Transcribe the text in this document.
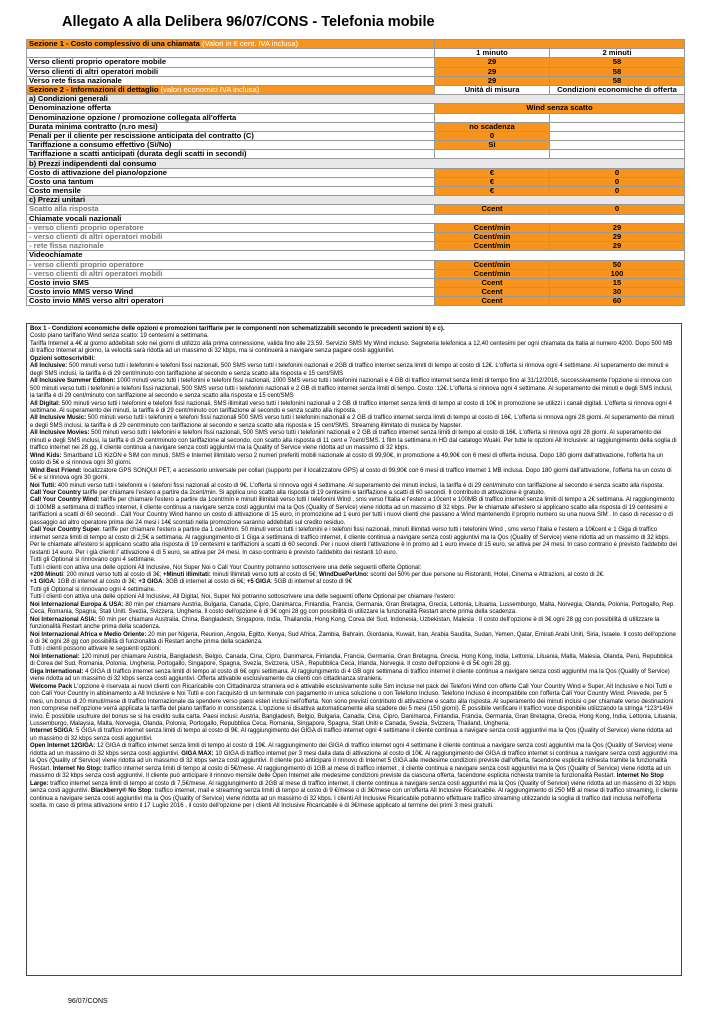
Allegato A alla Delibera 96/07/CONS - Telefonia mobile
Sezione 1 - Costo complessivo di una chiamata (Valori in € cent. IVA inclusa)		
	1 minuto	2 minuti
Verso clienti proprio operatore mobile	29	58
Verso clienti di altri operatori mobili	29	58
Verso rete fissa nazionale	29	58
Sezione 2 - Informazioni di dettaglio (valori economici IVA inclusa)	Unità di misura	Condizioni economiche di offerta
a) Condizioni generali		
Denominazione offerta	Wind senza scatto	
Denominazione opzione / promozione collegata all'offerta		
Durata minima contratto (n.ro mesi)	no scadenza	
Penali per il cliente per rescissione anticipata del contratto (C)	0	
Tariffazione a consumo effettivo (Sì/No)	Sì	
Tariffazione a scatti anticipati (durata degli scatti in secondi)		
b) Prezzi indipendenti dal consumo		
Costo di attivazione del piano/opzione	€	0
Costo una tantum	€	0
Costo mensile	€	0
c) Prezzi unitari		
Scatto alla risposta	Ccent	0
Chiamate vocali nazionali		
- verso clienti proprio operatore	Ccent/min	29
- verso clienti di altri operatori mobili	Ccent/min	29
- rete fissa nazionale	Ccent/min	29
Videochiamate		
- verso clienti proprio operatore	Ccent/min	50
- verso clienti di altri operatori mobili	Ccent/min	100
Costo invio SMS	Ccent	15
Costo invio MMS verso Wind	Ccent	30
Costo invio MMS verso altri operatori	Ccent	60

Box 1 - Condizioni economiche delle opzioni e promozioni tariffarie per le componenti non schematizzabili secondo le precedenti sezioni b) e c).

Costo piano tariffario Wind senza scatto: 19 centesimi a settimana.

Tariffa Internet a 4€ al giorno addebitati solo nei giorni di utilizzo alla prima connessione, valida fino alle 23.59. Servizio SMS My Wind incluso. Segreteria telefonica a 12,40 centesimi per ogni chiamata da Italia al numero 4200. Dopo 500 MB di traffico Internet al giorno, la velocità sarà ridotta ad un massimo di 32 kbps, ma si continuerà a navigare senza pagare costi aggiuntivi.

Opzioni sottoscrivibili:

All Inclusive: 500 minuti verso tutti i telefonini e telefoni fissi nazionali, 500 SMS verso tutti i telefonini nazionali e 2GB di traffico internet senza limiti di tempo al costo di 12€. L'offerta si rinnova ogni 4 settimane. Al superamento dei minuti e degli SMS inclusi, la tariffa è di 29 cent/minuto con tariffazione al secondo e senza scatto alla risposta e 15 cent/SMS

All Inclusive Summer Edition: 1000 minuti verso tutti i telefonini e telefoni fissi nazionali, 1000 SMS verso tutti i telefonini nazionali e 4 GB di traffico internet senza limiti di tempo fino al 31/12/2016, successivamente l'opzione si rinnova con 500 minuti verso tutti i telefonini e telefoni fissi nazionali, 500 SMS verso tutti i telefonini nazionali e 2 GB di traffico internet senza limiti di tempo. Costo :12€. L'offerta si rinnova ogni 4 settimane. Al superamento dei minuti e degli SMS inclusi, la tariffa è di 29 cent/minuto con tariffazione al secondo e senza scatto alla risposta e 15 cent/SMS

All Digital: 500 minuti verso tutti i telefonini e telefoni fissi nazionali, SMS illimitati verso tutti i telefonini nazionali e 2 GB di traffico internet senza limiti di tempo al costo di 10€ in promozione se utilizzi i canali digitali. L'offerta si rinnova ogni 4 settimane. Al superamento dei minuti, la tariffa è di 29 cent/minuto con tariffazione al secondo e senza scatto alla risposta.

All Inclusive Music: 500 minuti verso tutti i telefonini e telefoni fissi nazionali 500 SMS verso tutti i telefonini nazionali e 2 GB di traffico internet senza limiti di tempo al costo di 16€. L'offerta si rinnova ogni 28 giorni. Al superamento dei minuti e degli SMS inclusi, la tariffa è di 29 cent/minuto con tariffazione al secondo e senza scatto alla risposta e 15 cent/SMS. Streaming illimitato di musica by Napster.

All Inclusive Movies: 500 minuti verso tutti i telefonini e telefoni fissi nazionali, 500 SMS verso tutti i telefonini nazionali e 2 GB di traffico internet senza limiti di tempo al costo di 16€. L'offerta si rinnova ogni 28 giorni. Al superamento dei minuti e degli SMS inclusi, la tariffa è di 29 cent/minuto con tariffazione al secondo, con scatto alla risposta di 11 cent e 7cent/SMS. 1 film la settimana in HD dal catalogo Wuaki. Per tutte le opzioni All Inclusive: al raggiungimento della soglia di traffico internet nei 28 gg, il cliente continua a navigare senza costi aggiuntivi ma la Quality of Service viene ridotta ad un massimo di 32 kbps.

Wind Kids: Smartband LG KizON e SIM con minuti, SMS e Internet illimitato verso 2 numeri preferiti mobili nazionale al costo di 99,90€, in promozione a 49,90€ con 6 mesi di offerta inclusa. Dopo 180 giorni dall'attivazione, l'offerta ha un costo di 5€ e si rinnova ogni 30 giorni.

Wind Best Friend: localizzatore GPS SONQUI PET, e accessorio universale per collari (supporto per il localizzatore GPS) al costo di 99,90€ con 6 mesi di traffico internet 1 MB inclusa. Dopo 180 giorni dall'attivazione, l'offerta ha un costo di 5€ e si rinnova ogni 30 giorni.

Noi Tutti: 400 minuti verso tutti i telefonini e i telefoni fissi nazionali al costo di 9€. L'offerta si rinnova ogni 4 settimane. Al superamento dei minuti inclusi, la tariffa è di 29 cent/minuto con tariffazione al secondo e senza scatto alla risposta.

Call Your Country tariffe per chiamare l'estero a partire da 2cent/min. Si applica uno scatto alla risposta di 19 centesimi e tariffazione a scatti di 60 secondi. Il contributo di attivazione è gratuito.

Call Your Country Wind: tariffe per chiamare l'estero a partire da 1cent/min e minuti illimitati verso tutti i telefonini Wind , sms verso l'Italia e l'estero a 10cent e 100MB di traffico internet senza limiti di tempo a 2€ settimana. Al raggiungimento di 100MB a settimana di traffico internet, il cliente continua a navigare senza costi aggiuntivi ma la Qos (Quality of Service) viene ridotta ad un massimo di 32 kbps. Per le chiamate all'estero si applicano scatto alla risposta di 19 centesimi e tariffazioni a scatti di 60 secondi . Call Your Country Wind hanno un costo di attivazione di 15 euro, in promozione ad 1 euro per tutti i nuovi clienti che passano a Wind mantenendo il proprio numero su una nuova SIM . In caso di recesso o di passaggio ad altro operatore prima dei 24 mesi i 14€ scontati nella promozione saranno addebitati sul credito residuo.

Call Your Country Super. tariffe per chiamare l'estero a partire da 1 cent/min. 50 minuti verso tutti i telefonini e i telefoni fissi nazionali, minuti illimitati verso tutti i telefonini Wind , sms verso l'Italia e l'estero a 10€cent e 1 Giga di traffico internet senza limiti di tempo al costo di 2,5€ a settimana. Al raggiungimento di 1 Giga a settimana di traffico internet, il cliente continua a navigare senza costi aggiuntivi ma la Qos (Quality of Service) viene ridotta ad un massimo di 32 kbps. Per le chiamate all'estero si applicano scatto alla risposta di 19 centesimi e tariffazioni a scatti di 60 secondi. Per i nuovi clienti l'attivazione è in promo ad 1 euro invece di 15 euro, se attiva per 24 mesi. In caso contrario è previsto l'addebito dei restanti 14 euro. Per i già clienti l' attivazione è di 5 euro, se attiva per 24 mesi. In caso contrario è previsto l'addebito dei restanti 10 euro.

Tutti gli Optional si rinnovano ogni 4 settimane.

Tutti i clienti con attiva una delle opzioni All Inclusive, Noi Super Noi o Call Your Country potranno sottoscrivere una delle seguenti offerte Optional:

+200 Minuti: 200 minuti verso tutti al costo di 3€; +Minuti illimitati: minuti Illimitati verso tutti al costo di 5€; WindDuePerUno: sconti del 50% per due persone su Ristoranti, Hotel, Cinema e Attrazioni, al costo di 2€.

+1 GIGA: 1GB di internet al costo di 3€; +3 GIGA: 3GB di internet al costo di 6€; +5 GIGA: 5GB di internet al costo di 9€

Tutti gli Optional si rinnovano ogni 4 settimane.

Tutti i clienti con attiva una delle opzioni All Inclusive, All Digital, Noi, Super Noi potranno sottoscrivere una delle seguenti offerte Optional per chiamare l'estero:

Noi Internazional Europa & USA: 80 min per chiamare Austria, Bulgaria, Canada, Cipro, Danimarca, Finlandia, Francia, Germania, Gran Bretagna, Grecia, Lettonia, Lituania, Lussemburgo, Malta, Norvegia, Olanda, Polonia, Portogallo, Rep. Ceca, Romania, Spagna, Stati Uniti, Svezia, Svizzera, Ungheria. Il costo dell'opzione è di 3€ ogni 28 gg con possibilità di utilizzare la funzionalità Restart anche prima della scadenza.

Noi Internazional ASIA: 50 min per chiamare Australia, China, Bangladesh, Singapore, India, Thailandia, Hong Kong, Corea del Sud, Indonesia, Uzbekistan, Malesia . Il costo dell'opzione è di 3€ ogni 28 gg con possibilità di utilizzare la funzionalità Restart anche prima della scadenza.

Noi Internazional Africa e Medio Oriente: 20 min per Nigeria, Reunion, Angola, Egitto, Kenya, Sud Africa, Zambia, Bahrain, Giordania, Kuwait, Iran, Arabia Saudita, Sudan, Yemen, Qatar, Emirati Arabi Uniti, Siria, Israele. Il costo dell'opzione è di 3€ ogni 28 gg con possibilità di funzionalità di Restart anche prima della scadenza.

Tutti i clienti possono attivare le seguenti opzioni:

Noi International: 120 minuti per chiamare Austria, Bangladesh, Belgio, Canada, Cina, Cipro, Danimarca, Finlandia, Francia, Germania, Gran Bretagna, Grecia, Hong Kong, India, Lettonia, Lituania, Malta, Malesia, Olanda, Perù, Repubblica di Corea del Sud, Romania, Polonia, Ungheria, Portogallo, Singapore, Spagna, Svezia, Svizzera, USA , Repubblica Ceca, Irlanda, Norvegia. Il costo dell'opzione è di 5€ ogni 28 gg.

Giga International: 4 GIGA di traffico internet senza limiti di tempo al costo di 6€ ogni settimana. Al raggiungimento di 4 GB ogni settimana di traffico internet il cliente continua a navigare senza costi aggiuntivi ma la Qos (Quality of Service) viene ridotta ad un massimo di 32 kbps senza costi aggiuntivi. Offerta attivabile esclusivamente da clienti con cittadinanza straniera.

Welcome Pack L'opzione è riservata ai nuovi clienti con Ricaricabile con Cittadinanza straniera ed è attivabile esclusivamente sulle Sim incluse nel pack dei Telefoni Wind con offerte Call Your Country Wind e Super, All Inclusive e Noi Tutti e con Call Your Country in abbinamento a All Inclusive e Noi Tutti e con l'acquisto di un terminale con pagamento in unica soluzione o con Telefono Incluso. Telefono Incluso è incompatibile con l'offerta Call Your Country Wind. Prevede, per 5 mesi, un bonus di 20 minuti/mese di traffico Internazionale da spendere verso paesi esteri inclusi nell'offerta. Non sono previsti contributo di attivazione e scatto alla risposta. Al superamento dei minuti inclusi o per chiamate verso destinazioni non comprese nell'opzione verrà applicata la tariffa del piano tariffario in consistenza. L'opzione si disattiva automaticamente alla scadere dei 5 mesi (150 giorni). È possibile verificare il traffico voce disponibile utilizzando la stringa *123*149# invio. È possibile usufruire del bonus se si ha credito sulla carta. Paesi inclusi: Austria, Bangladesh, Belgio, Bulgaria, Canada, Cina, Cipro, Danimarca, Finlandia, Francia, Germania, Gran Bretagna, Grecia, Hong Kong, India, Lettonia, Lituania, Lussemburgo, Malaysia, Malta, Norvegia, Olanda, Polonia, Portogallo, Repubblica Ceca, Romania, Singapore, Spagna, Stati Uniti e Canada, Svezia, Svizzera, Thailand, Ungheria.

Internet 5GIGA: 5 GIGA di traffico internet senza limiti di tempo al costo di 9€. Al raggiungimento dei GIGA di traffico internet ogni 4 settimane il cliente continua a navigare senza costi aggiuntivi ma la Qos (Quality of Service) viene ridotta ad un massimo di 32 kbps senza costi aggiuntivi.

Open Internet 12GIGA: 12 GIGA di traffico internet senza limiti di tempo al costo di 19€. Al raggiungimento dei GIGA di traffico internet ogni 4 settimane il cliente continua a navigare senza costi aggiuntivi ma la Qos (Quality of Service) viene ridotta ad un massimo di 32 kbps senza costi aggiuntivi. GIGA MAX: 10 GIGA di traffico internet per 3 mesi dalla data di attivazione al costo di 10€. Al raggiungimento dei GIGA di traffico internet si continua a navigare senza costi aggiuntivi ma la Qos (Quality of Service) viene ridotta ad un massimo di 32 kbps senza costi aggiuntivi. Il cliente può anticipare il rinnovo di Internet 5 GIGA alle medesime condizioni previste dall'offerta, facendone esplicita richiesta tramite la funzionalità Restart. Internet No Stop: traffico internet senza limiti di tempo al costo di 5€/mese. Al raggiungimento di 1GB al mese di traffico internet , il cliente continua a navigare senza costi aggiuntivi ma la Qos (Quality of Service) viene ridotta ad un massimo di 32 kbps senza costi aggiuntivi. Il cliente può anticipare il rinnovo mensile delle Open Internet alle medesime condizioni previste da ciascuna offerta, facendone esplicita richiesta tramite la funzionalità Restart. Internet No Stop Large: traffico internet senza limiti di tempo al costo di 7,5€/mese. Al raggiungimento di 2GB al mese di traffico internet, il cliente continua a navigare senza costi aggiuntivi ma la Qos (Quality of Service) viene ridotta ad un massimo di 32 kbps senza costi aggiuntivi. Blackberry® No Stop: traffico internet, mail e streaming senza limiti di tempo al costo di 9 €/mese o di 3€/mese con un'offerta All Inclusive Ricaricabile. Al raggiungimento di 250 MB al mese di traffico streaming, il cliente continua a navigare senza costi aggiuntivi ma la Qos (Quality of Service) viene ridotta ad un massimo di 32 kbps. I clienti All Inclusive Ricaricabile potranno effettuare traffico streaming utilizzando la soglia di traffico dati inclusa nell'offerta scelta. In caso di prima attivazione entro il 17 Luglio 2016 , il costo dell'opzione per i clienti All Inclusive Ricaricabile è di 3€/mese applicato al termine dei primi 3 mesi gratuiti.

96/07/CONS
